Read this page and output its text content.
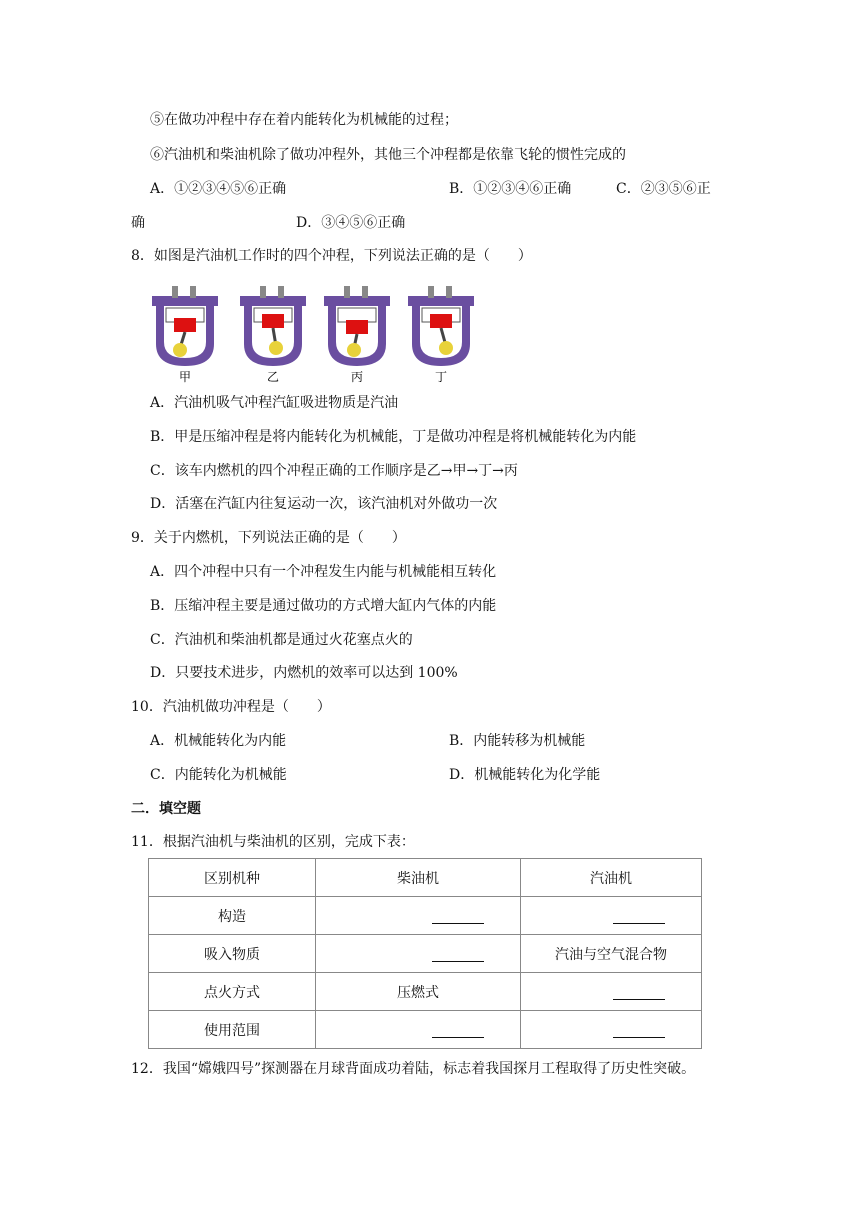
⑤在做功冲程中存在着内能转化为机械能的过程；
⑥汽油机和柴油机除了做功冲程外，其他三个冲程都是依靠飞轮的惯性完成的
A．①②③④⑤⑥正确	B．①②③④⑥正确	C．②③⑤⑥正
确	D．③④⑤⑥正确
8．如图是汽油机工作时的四个冲程，下列说法正确的是（　　）
甲	乙	丙	丁
A．汽油机吸气冲程汽缸吸进物质是汽油
B．甲是压缩冲程是将内能转化为机械能，丁是做功冲程是将机械能转化为内能
C．该车内燃机的四个冲程正确的工作顺序是乙→甲→丁→丙
D．活塞在汽缸内往复运动一次，该汽油机对外做功一次
9．关于内燃机，下列说法正确的是（　　）
A．四个冲程中只有一个冲程发生内能与机械能相互转化
B．压缩冲程主要是通过做功的方式增大缸内气体的内能
C．汽油机和柴油机都是通过火花塞点火的
D．只要技术进步，内燃机的效率可以达到 100%
10．汽油机做功冲程是（　　）
A．机械能转化为内能	B．内能转移为机械能
C．内能转化为机械能	D．机械能转化为化学能
二．填空题
11．根据汽油机与柴油机的区别，完成下表：
区别机种	柴油机	汽油机
构造		
吸入物质		汽油与空气混合物
点火方式	压燃式	
使用范围		
12．我国“嫦娥四号”探测器在月球背面成功着陆，标志着我国探月工程取得了历史性突破。
